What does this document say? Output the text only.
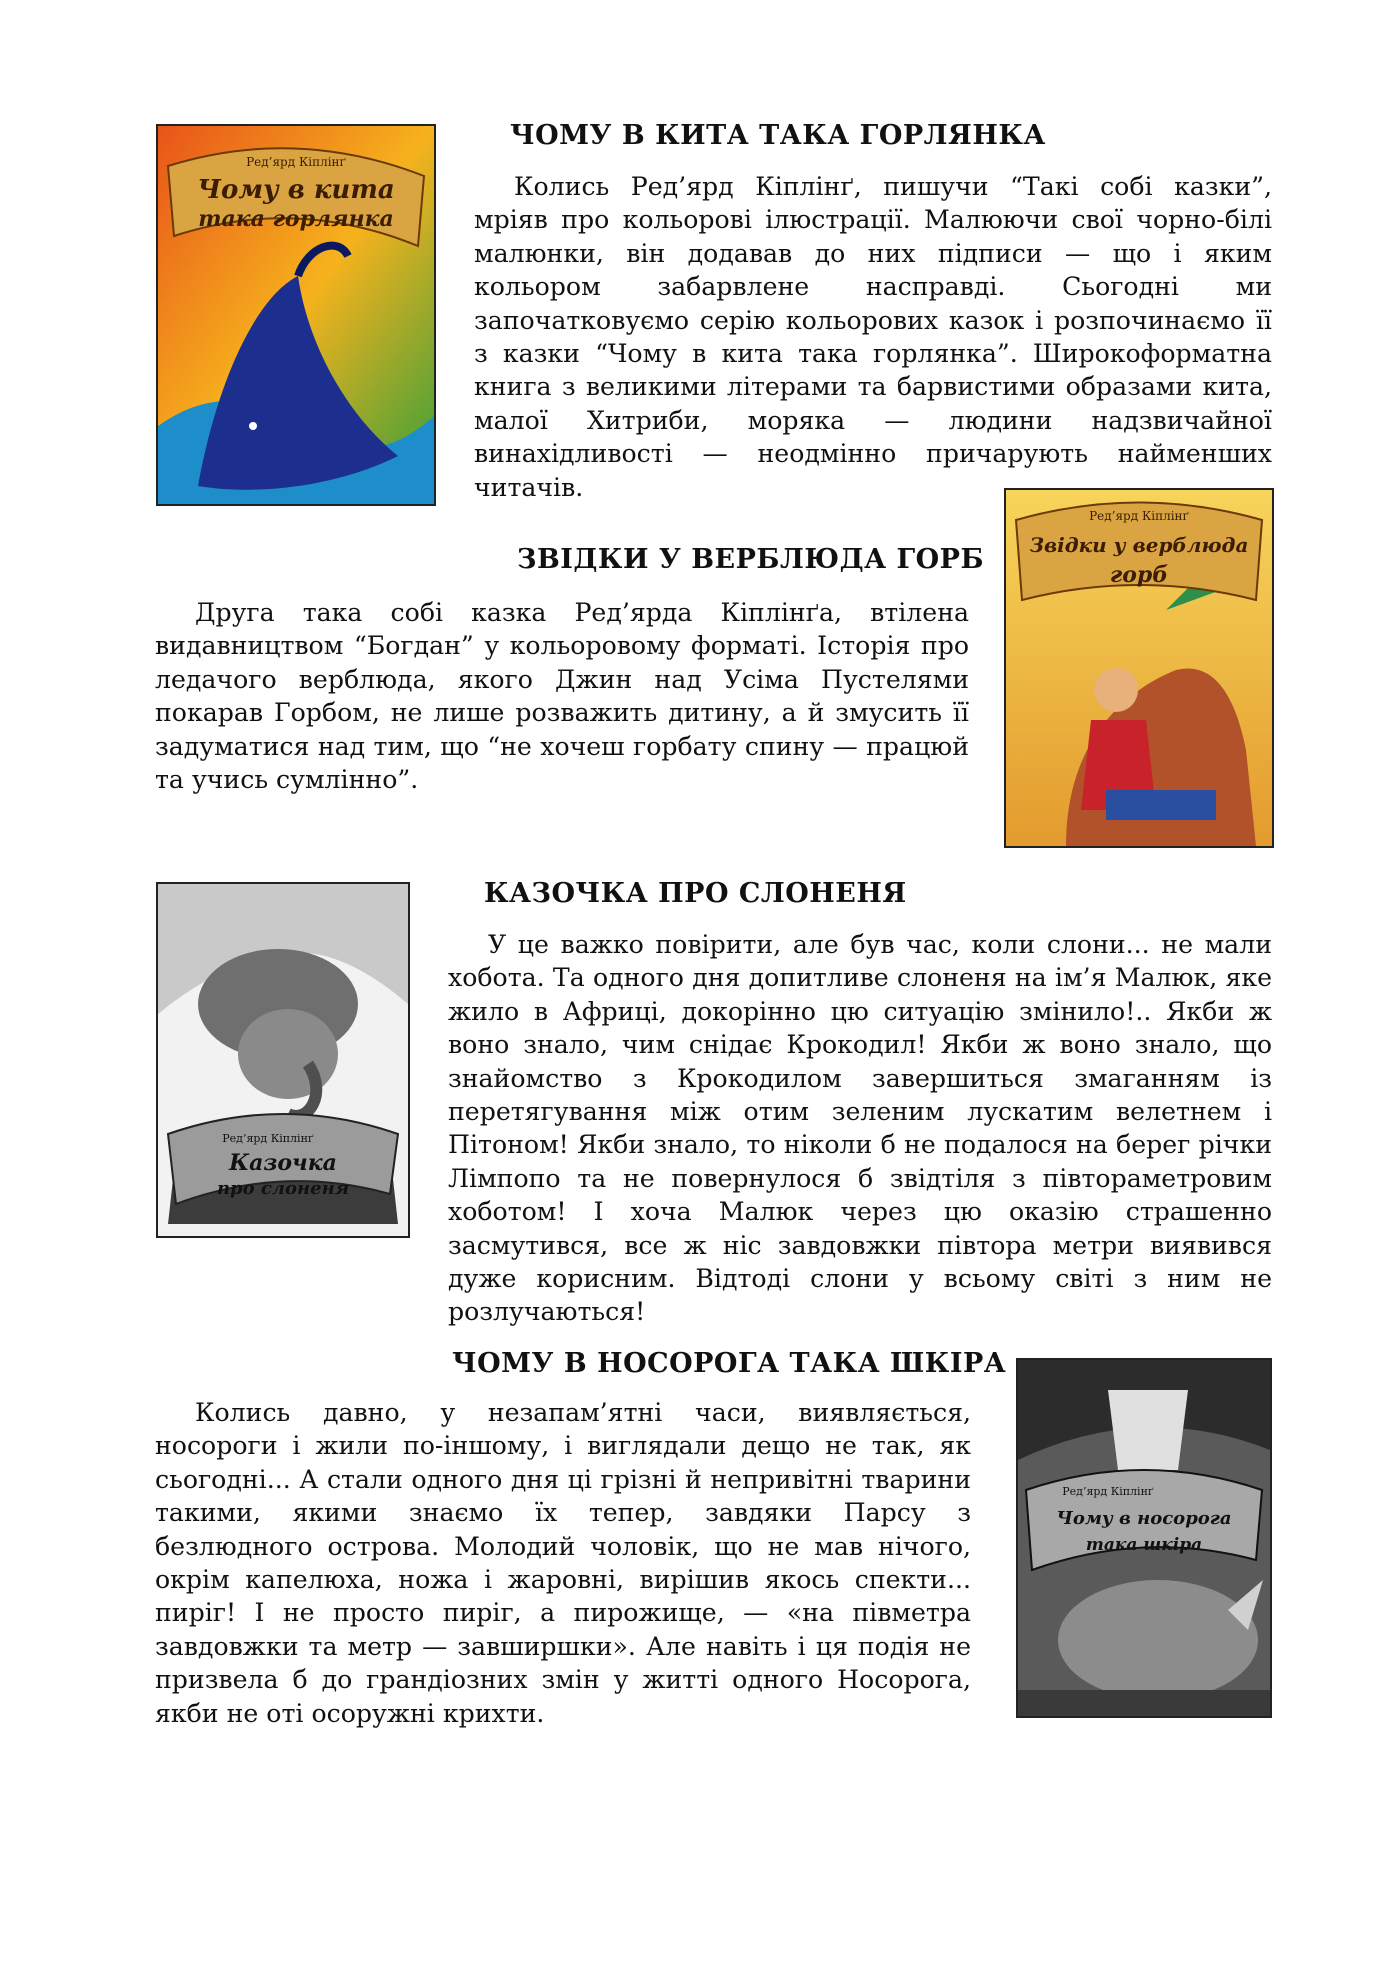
Ред’ярд Кіплінґ
Чому в кита
така горлянка
ЧОМУ В КИТА ТАКА ГОРЛЯНКА

Колись Ред’ярд Кіплінґ, пишучи “Такі собі казки”, мріяв про кольорові ілюстрації. Малюючи свої чорно-білі малюнки, він додавав до них підписи — що і яким кольором забарвлене насправді. Сьогодні ми започатковуємо серію кольорових казок і розпочинаємо її з казки “Чому в кита така горлянка”. Широкоформатна книга з великими літерами та барвистими образами кита, малої Хитриби, моряка — людини надзвичайної винахідливості — неодмінно причарують найменших читачів.

Ред’ярд Кіплінґ
Звідки у верблюда
горб
ЗВІДКИ У ВЕРБЛЮДА ГОРБ

Друга така собі казка Ред’ярда Кіплінґа, втілена видавництвом “Богдан” у кольоровому форматі. Історія про ледачого верблюда, якого Джин над Усіма Пустелями покарав Горбом, не лише розважить дитину, а й змусить її задуматися над тим, що “не хочеш горбату спину — працюй та учись сумлінно”.

Ред’ярд Кіплінґ
Казочка
про слоненя
КАЗОЧКА ПРО СЛОНЕНЯ

У це важко повірити, але був час, коли слони... не мали хобота. Та одного дня допитливе слоненя на ім’я Малюк, яке жило в Африці, докорінно цю ситуацію змінило!.. Якби ж воно знало, чим снідає Крокодил! Якби ж воно знало, що знайомство з Крокодилом завершиться змаганням із перетягування між отим зеленим лускатим велетнем і Пітоном! Якби знало, то ніколи б не подалося на берег річки Лімпопо та не повернулося б звідтіля з півтораметровим хоботом! І хоча Малюк через цю оказію страшенно засмутився, все ж ніс завдовжки півтора метри виявився дуже корисним. Відтоді слони у всьому світі з ним не розлучаються!

Ред’ярд Кіплінґ
Чому в носорога
така шкіра
ЧОМУ В НОСОРОГА ТАКА ШКІРА

Колись давно, у незапам’ятні часи, виявляється, носороги і жили по-іншому, і виглядали дещо не так, як сьогодні... А стали одного дня ці грізні й непривітні тварини такими, якими знаємо їх тепер, завдяки Парсу з безлюдного острова. Молодий чоловік, що не мав нічого, окрім капелюха, ножа і жаровні, вирішив якось спекти... пиріг! І не просто пиріг, а пирожище, — «на півметра завдовжки та метр — завширшки». Але навіть і ця подія не призвела б до грандіозних змін у житті одного Носорога, якби не оті осоружні крихти.
